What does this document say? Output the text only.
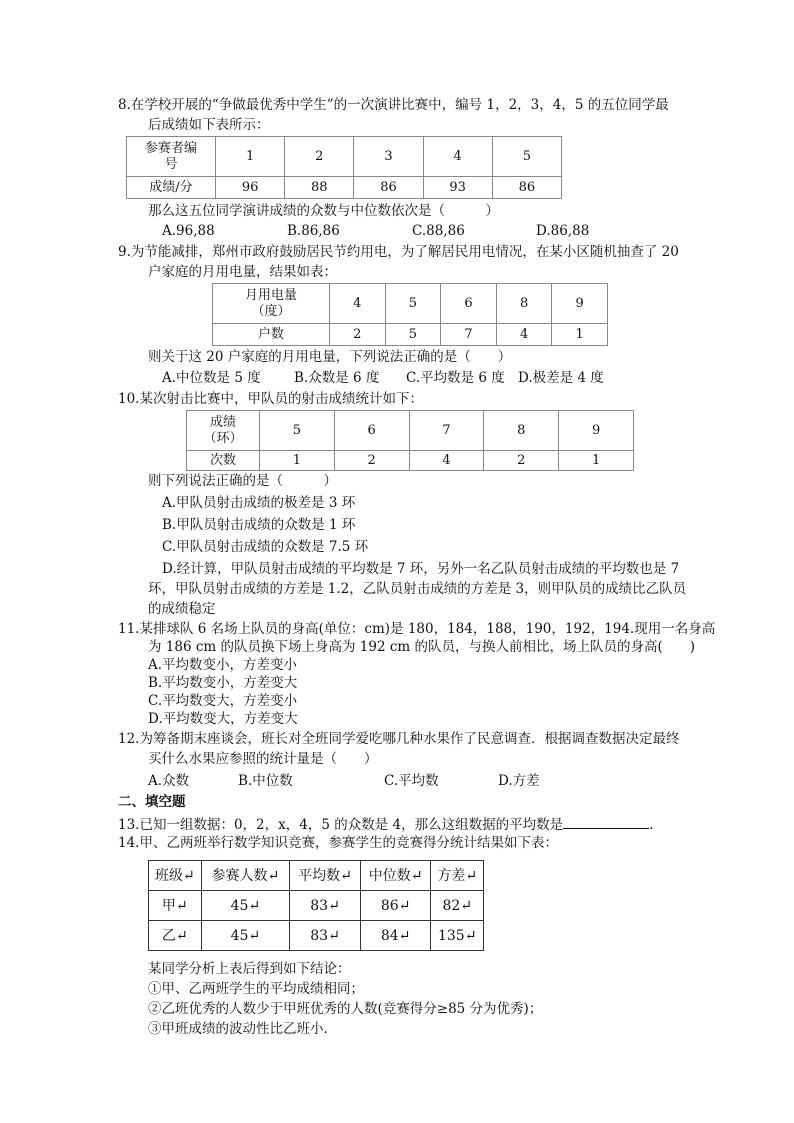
8.在学校开展的“争做最优秀中学生”的一次演讲比赛中，编号 1，2，3，4，5 的五位同学最
后成绩如下表所示：
参赛者编
号	1	2	3	4	5
成绩/分	96	88	86	93	86
那么这五位同学演讲成绩的众数与中位数依次是（　　　）
A.96,88	B.86,86	C.88,86	D.86,88
9.为节能减排，郑州市政府鼓励居民节约用电，为了解居民用电情况，在某小区随机抽查了 20
户家庭的月用电量，结果如表：
月用电量
（度）	4	5	6	8	9
户数	2	5	7	4	1
则关于这 20 户家庭的月用电量，下列说法正确的是（　　）
A.中位数是 5 度 B.众数是 6 度 C.平均数是 6 度 D.极差是 4 度
10.某次射击比赛中，甲队员的射击成绩统计如下：
成绩
（环）	5	6	7	8	9
次数	1	2	4	2	1
则下列说法正确的是（　　　）
A.甲队员射击成绩的极差是 3 环
B.甲队员射击成绩的众数是 1 环
C.甲队员射击成绩的众数是 7.5 环
D.经计算，甲队员射击成绩的平均数是 7 环，另外一名乙队员射击成绩的平均数也是 7
环，甲队员射击成绩的方差是 1.2，乙队员射击成绩的方差是 3，则甲队员的成绩比乙队员
的成绩稳定
11.某排球队 6 名场上队员的身高(单位：cm)是 180，184，188，190，192，194.现用一名身高
为 186 cm 的队员换下场上身高为 192 cm 的队员，与换人前相比，场上队员的身高(　　)
A.平均数变小，方差变小
B.平均数变小，方差变大
C.平均数变大，方差变小
D.平均数变大，方差变大
12.为筹备期末座谈会，班长对全班同学爱吃哪几种水果作了民意调查．根据调查数据决定最终
买什么水果应参照的统计量是（　　）
A.众数	B.中位数	C.平均数	D.方差
二、填空题
13.已知一组数据：0，2，x，4，5 的众数是 4，那么这组数据的平均数是	.
14.甲、乙两班举行数学知识竞赛，参赛学生的竞赛得分统计结果如下表：
班级↵	参赛人数↵	平均数↵	中位数↵	方差↵
甲↵	45↵	83↵	86↵	82↵
乙↵	45↵	83↵	84↵	135↵
某同学分析上表后得到如下结论：
①甲、乙两班学生的平均成绩相同；
②乙班优秀的人数少于甲班优秀的人数(竞赛得分≥85 分为优秀)；
③甲班成绩的波动性比乙班小.
